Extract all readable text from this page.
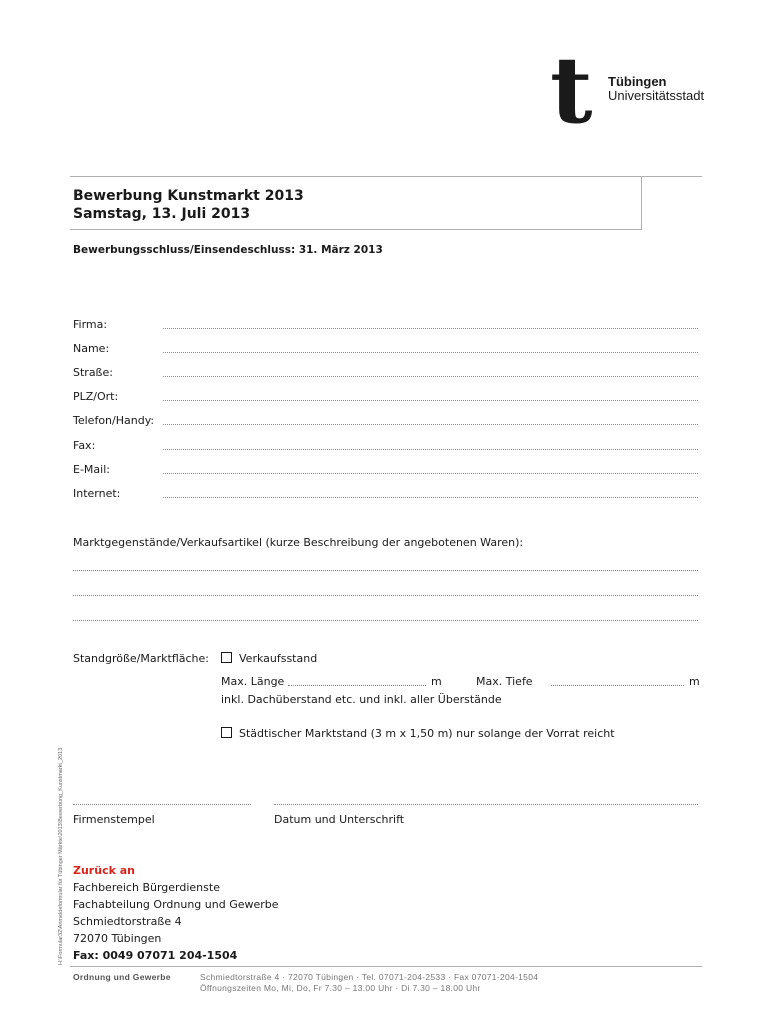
t Tübingen
Universitätsstadt
Bewerbung Kunstmarkt 2013
Samstag, 13. Juli 2013
Bewerbungsschluss/Einsendeschluss: 31. März 2013
Firma:
Name:
Straße:
PLZ/Ort:
Telefon/Handy:
Fax:
E-Mail:
Internet:
Marktgegenstände/Verkaufsartikel (kurze Beschreibung der angebotenen Waren):
Standgröße/Marktfläche:	Verkaufsstand
Max. Länge	m	Max. Tiefe	m
inkl. Dachüberstand etc. und inkl. aller Überstände
Städtischer Marktstand (3 m x 1,50 m) nur solange der Vorrat reicht
Firmenstempel	Datum und Unterschrift
Zurück an
Fachbereich Bürgerdienste
Fachabteilung Ordnung und Gewerbe
Schmiedtorstraße 4
72070 Tübingen
Fax: 0049 07071 204-1504
Ordnung und Gewerbe	Schmiedtorstraße 4 · 72070 Tübingen · Tel. 07071-204-2533 · Fax 07071-204-1504
Öffnungszeiten Mo, Mi, Do, Fr 7.30 – 13.00 Uhr · Di 7.30 – 18.00 Uhr
H:\Formular32\Anmeldeformular für Tübinger Märkte\2013\Bewerbung_Kunstmarkt_2013
